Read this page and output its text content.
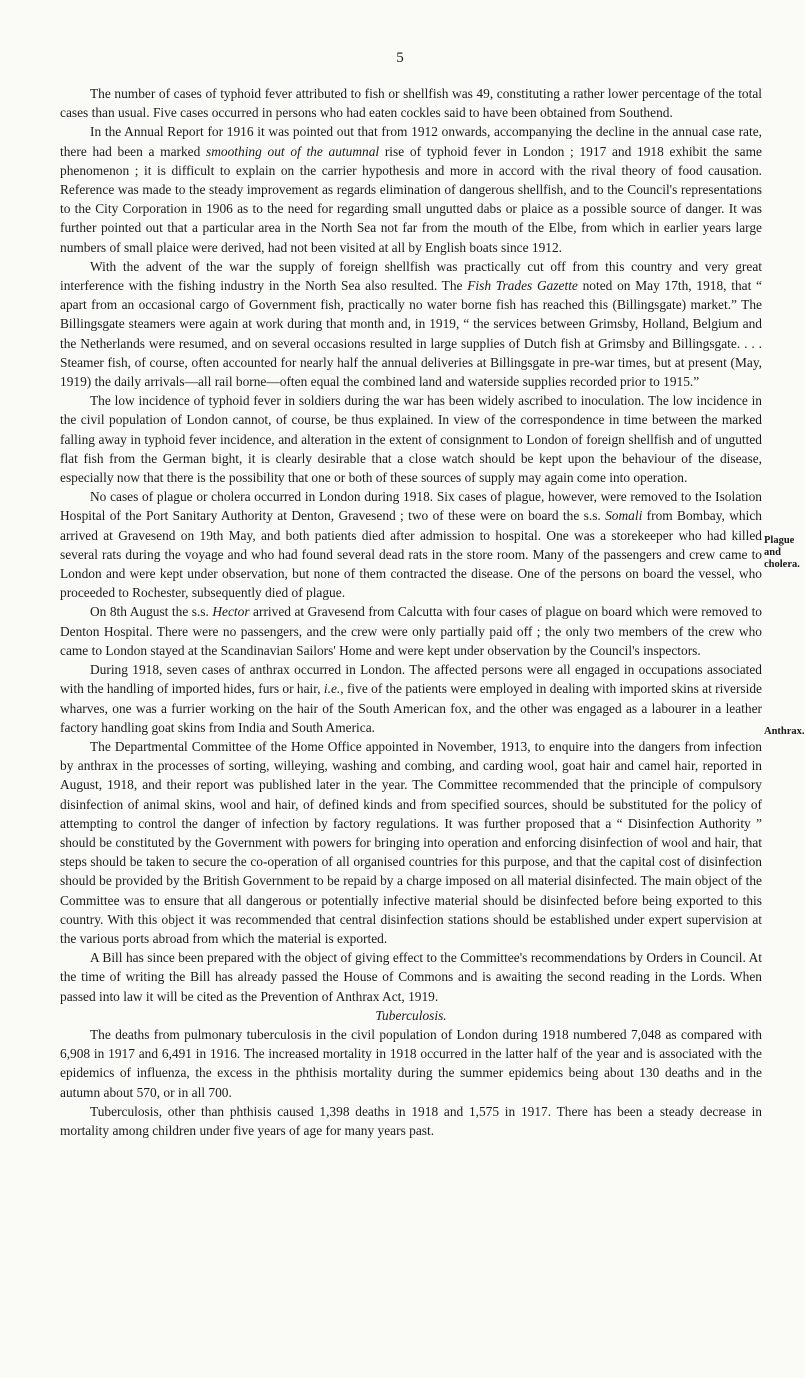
5
Plague and cholera.
Anthrax.

The number of cases of typhoid fever attributed to fish or shellfish was 49, constituting a rather lower percentage of the total cases than usual. Five cases occurred in persons who had eaten cockles said to have been obtained from Southend.

In the Annual Report for 1916 it was pointed out that from 1912 onwards, accompanying the decline in the annual case rate, there had been a marked smoothing out of the autumnal rise of typhoid fever in London ; 1917 and 1918 exhibit the same phenomenon ; it is difficult to explain on the carrier hypothesis and more in accord with the rival theory of food causation. Reference was made to the steady improvement as regards elimination of dangerous shellfish, and to the Council's representations to the City Corporation in 1906 as to the need for regarding small ungutted dabs or plaice as a possible source of danger. It was further pointed out that a particular area in the North Sea not far from the mouth of the Elbe, from which in earlier years large numbers of small plaice were derived, had not been visited at all by English boats since 1912.

With the advent of the war the supply of foreign shellfish was practically cut off from this country and very great interference with the fishing industry in the North Sea also resulted. The Fish Trades Gazette noted on May 17th, 1918, that “ apart from an occasional cargo of Government fish, practically no water borne fish has reached this (Billingsgate) market.” The Billingsgate steamers were again at work during that month and, in 1919, “ the services between Grimsby, Holland, Belgium and the Netherlands were resumed, and on several occasions resulted in large supplies of Dutch fish at Grimsby and Billingsgate. . . . Steamer fish, of course, often accounted for nearly half the annual deliveries at Billingsgate in pre-war times, but at present (May, 1919) the daily arrivals—all rail borne—often equal the combined land and waterside supplies recorded prior to 1915.”

The low incidence of typhoid fever in soldiers during the war has been widely ascribed to inoculation. The low incidence in the civil population of London cannot, of course, be thus explained. In view of the correspondence in time between the marked falling away in typhoid fever incidence, and alteration in the extent of consignment to London of foreign shellfish and of ungutted flat fish from the German bight, it is clearly desirable that a close watch should be kept upon the behaviour of the disease, especially now that there is the possibility that one or both of these sources of supply may again come into operation.

No cases of plague or cholera occurred in London during 1918. Six cases of plague, however, were removed to the Isolation Hospital of the Port Sanitary Authority at Denton, Gravesend ; two of these were on board the s.s. Somali from Bombay, which arrived at Gravesend on 19th May, and both patients died after admission to hospital. One was a storekeeper who had killed several rats during the voyage and who had found several dead rats in the store room. Many of the passengers and crew came to London and were kept under observation, but none of them contracted the disease. One of the persons on board the vessel, who proceeded to Rochester, subsequently died of plague.

On 8th August the s.s. Hector arrived at Gravesend from Calcutta with four cases of plague on board which were removed to Denton Hospital. There were no passengers, and the crew were only partially paid off ; the only two members of the crew who came to London stayed at the Scandinavian Sailors' Home and were kept under observation by the Council's inspectors.

During 1918, seven cases of anthrax occurred in London. The affected persons were all engaged in occupations associated with the handling of imported hides, furs or hair, i.e., five of the patients were employed in dealing with imported skins at riverside wharves, one was a furrier working on the hair of the South American fox, and the other was engaged as a labourer in a leather factory handling goat skins from India and South America.

The Departmental Committee of the Home Office appointed in November, 1913, to enquire into the dangers from infection by anthrax in the processes of sorting, willeying, washing and combing, and carding wool, goat hair and camel hair, reported in August, 1918, and their report was published later in the year. The Committee recommended that the principle of compulsory disinfection of animal skins, wool and hair, of defined kinds and from specified sources, should be substituted for the policy of attempting to control the danger of infection by factory regulations. It was further proposed that a “ Disinfection Authority ” should be constituted by the Government with powers for bringing into operation and enforcing disinfection of wool and hair, that steps should be taken to secure the co-operation of all organised countries for this purpose, and that the capital cost of disinfection should be provided by the British Government to be repaid by a charge imposed on all material disinfected. The main object of the Committee was to ensure that all dangerous or potentially infective material should be disinfected before being exported to this country. With this object it was recommended that central disinfection stations should be established under expert supervision at the various ports abroad from which the material is exported.

A Bill has since been prepared with the object of giving effect to the Committee's recommendations by Orders in Council. At the time of writing the Bill has already passed the House of Commons and is awaiting the second reading in the Lords. When passed into law it will be cited as the Prevention of Anthrax Act, 1919.

Tuberculosis.

The deaths from pulmonary tuberculosis in the civil population of London during 1918 numbered 7,048 as compared with 6,908 in 1917 and 6,491 in 1916. The increased mortality in 1918 occurred in the latter half of the year and is associated with the epidemics of influenza, the excess in the phthisis mortality during the summer epidemics being about 130 deaths and in the autumn about 570, or in all 700.

Tuberculosis, other than phthisis caused 1,398 deaths in 1918 and 1,575 in 1917. There has been a steady decrease in mortality among children under five years of age for many years past.
